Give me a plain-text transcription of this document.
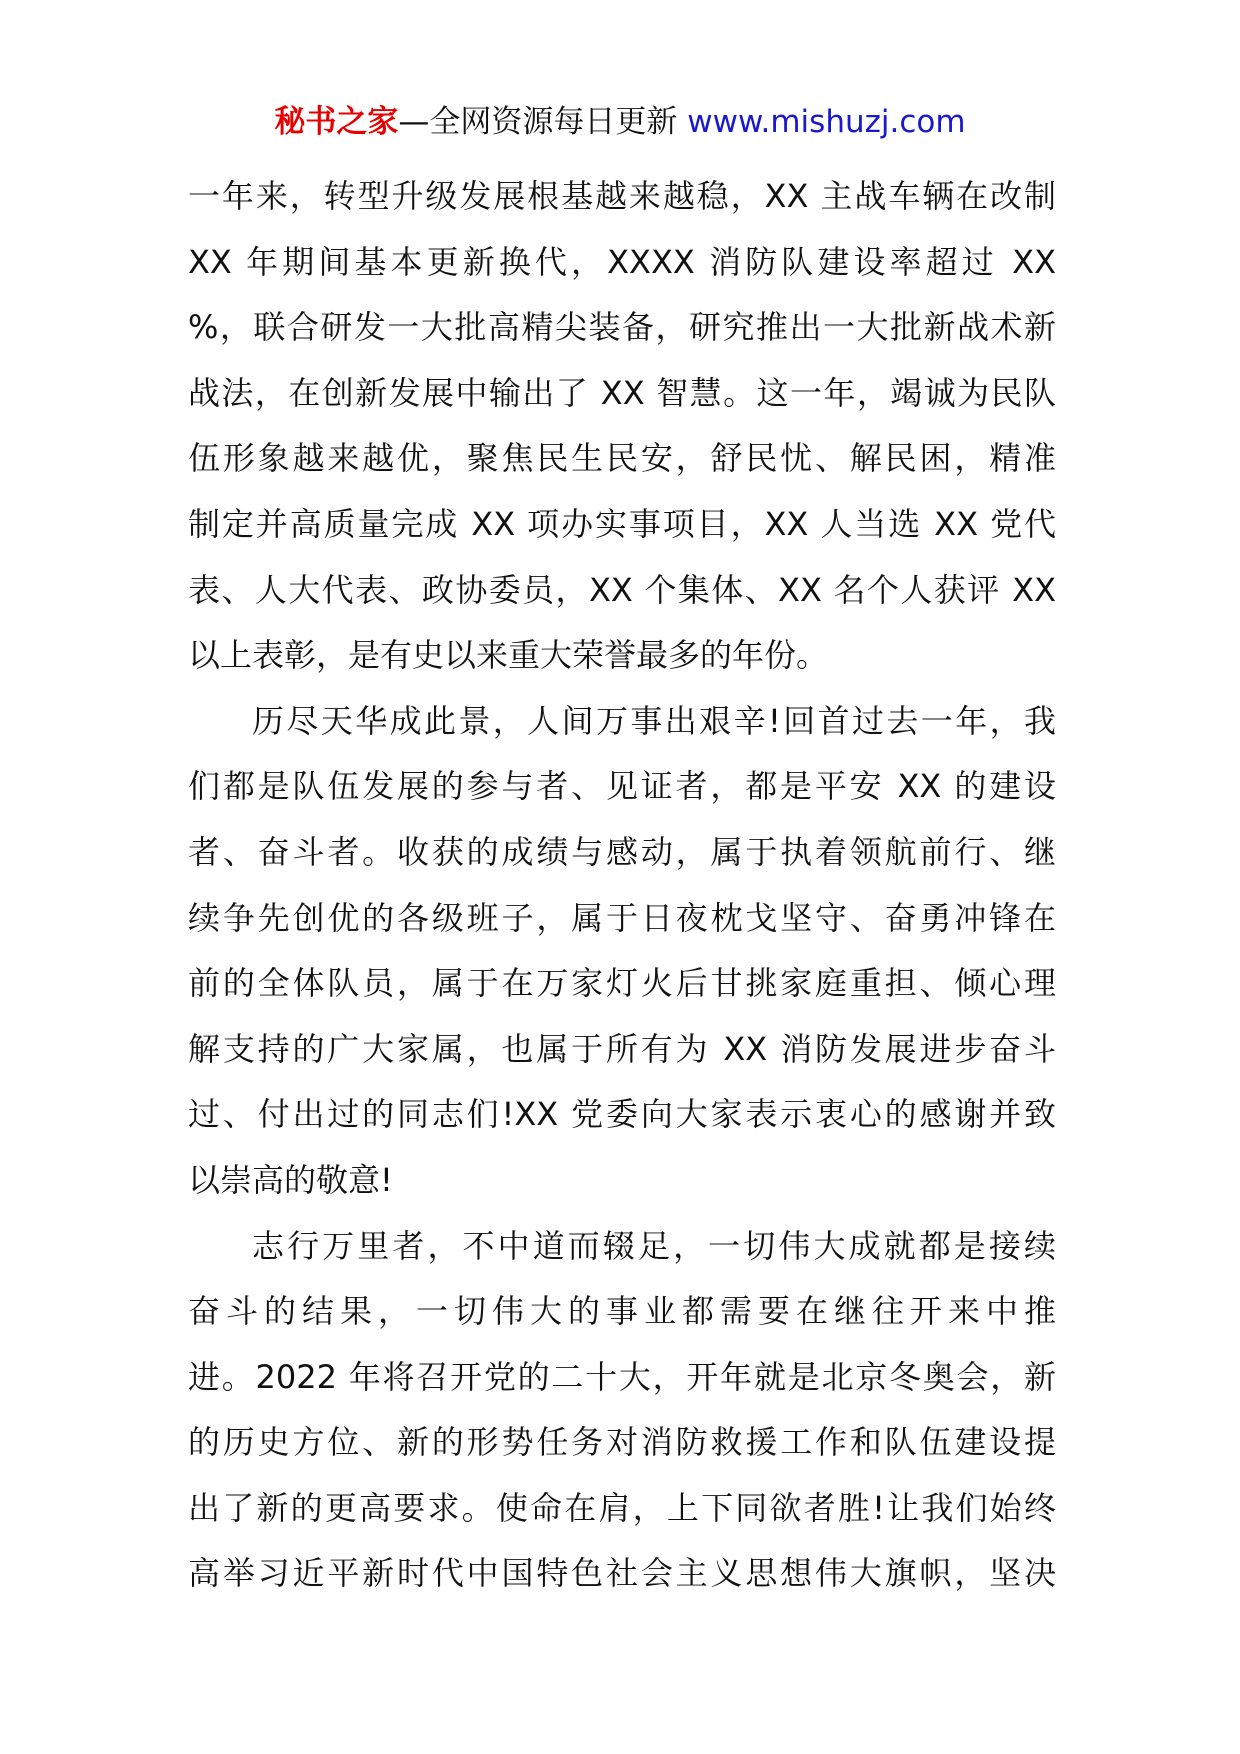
秘书之家—全网资源每日更新 www.mishuzj.com
一年来，转型升级发展根基越来越稳，XX 主战车辆在改制
XX 年期间基本更新换代，XXXX 消防队建设率超过 XX
%，联合研发一大批高精尖装备，研究推出一大批新战术新
战法，在创新发展中输出了 XX 智慧。这一年，竭诚为民队
伍形象越来越优，聚焦民生民安，舒民忧、解民困，精准
制定并高质量完成 XX 项办实事项目，XX 人当选 XX 党代
表、人大代表、政协委员，XX 个集体、XX 名个人获评 XX
以上表彰，是有史以来重大荣誉最多的年份。
历尽天华成此景，人间万事出艰辛!回首过去一年，我
们都是队伍发展的参与者、见证者，都是平安 XX 的建设
者、奋斗者。收获的成绩与感动，属于执着领航前行、继
续争先创优的各级班子，属于日夜枕戈坚守、奋勇冲锋在
前的全体队员，属于在万家灯火后甘挑家庭重担、倾心理
解支持的广大家属，也属于所有为 XX 消防发展进步奋斗
过、付出过的同志们!XX 党委向大家表示衷心的感谢并致
以崇高的敬意!
志行万里者，不中道而辍足，一切伟大成就都是接续
奋斗的结果，一切伟大的事业都需要在继往开来中推
进。2022 年将召开党的二十大，开年就是北京冬奥会，新
的历史方位、新的形势任务对消防救援工作和队伍建设提
出了新的更高要求。使命在肩，上下同欲者胜!让我们始终
高举习近平新时代中国特色社会主义思想伟大旗帜，坚决
